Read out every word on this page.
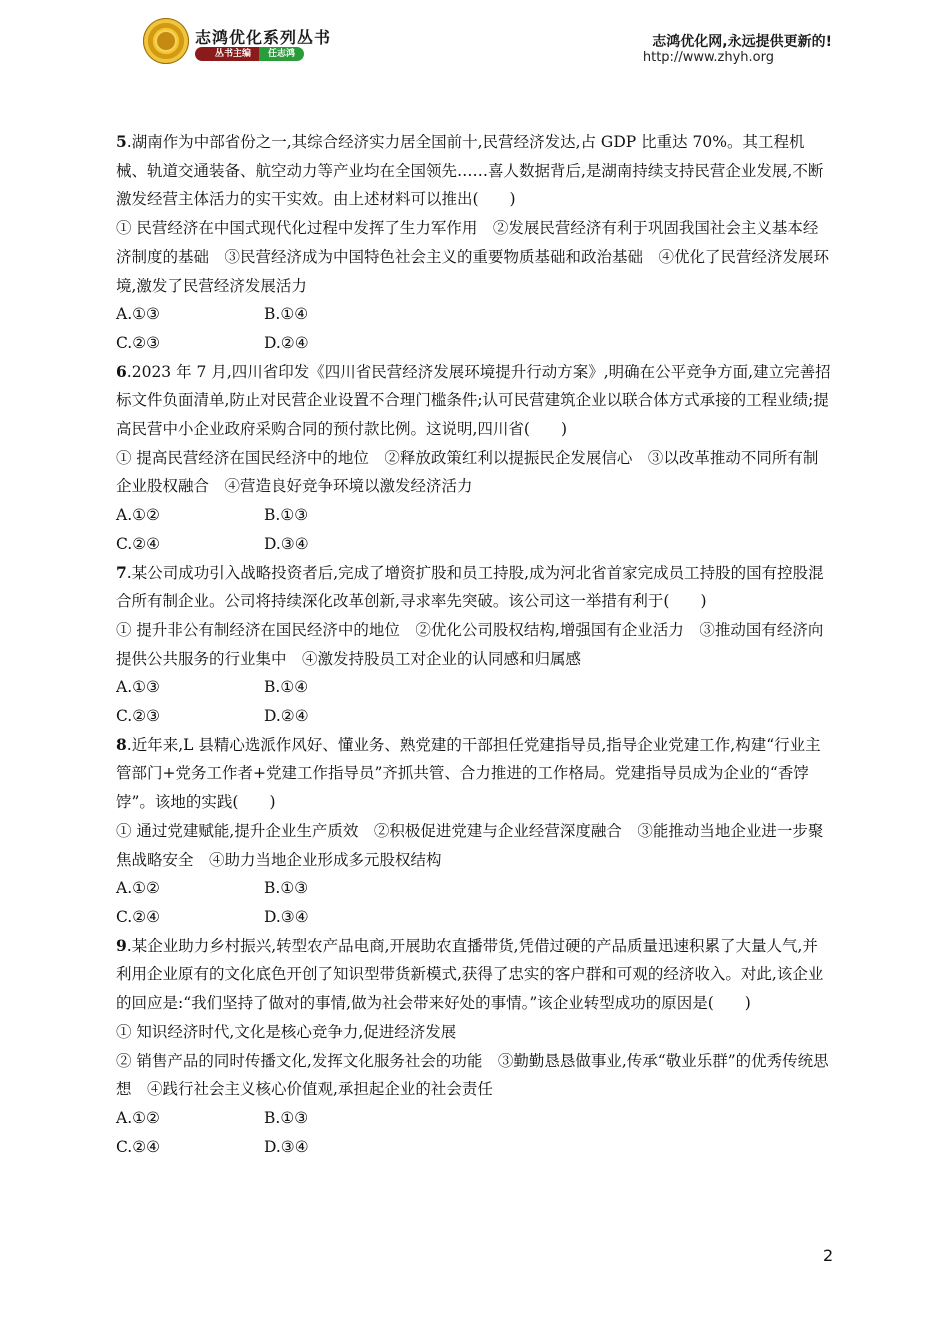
志鸿优化系列丛书
丛书主编	任志鸿
志鸿优化网,永远提供更新的!
http://www.zhyh.org

5.湖南作为中部省份之一,其综合经济实力居全国前十,民营经济发达,占 GDP 比重达 70%。其工程机械、轨道交通装备、航空动力等产业均在全国领先……喜人数据背后,是湖南持续支持民营企业发展,不断激发经营主体活力的实干实效。由上述材料可以推出(　　)

① 民营经济在中国式现代化过程中发挥了生力军作用　②发展民营经济有利于巩固我国社会主义基本经济制度的基础　③民营经济成为中国特色社会主义的重要物质基础和政治基础　④优化了民营经济发展环境,激发了民营经济发展活力

A.①③	B.①④
C.②③	D.②④

6.2023 年 7 月,四川省印发《四川省民营经济发展环境提升行动方案》,明确在公平竞争方面,建立完善招标文件负面清单,防止对民营企业设置不合理门槛条件;认可民营建筑企业以联合体方式承接的工程业绩;提高民营中小企业政府采购合同的预付款比例。这说明,四川省(　　)

① 提高民营经济在国民经济中的地位　②释放政策红利以提振民企发展信心　③以改革推动不同所有制企业股权融合　④营造良好竞争环境以激发经济活力

A.①②	B.①③
C.②④	D.③④

7.某公司成功引入战略投资者后,完成了增资扩股和员工持股,成为河北省首家完成员工持股的国有控股混合所有制企业。公司将持续深化改革创新,寻求率先突破。该公司这一举措有利于(　　)

① 提升非公有制经济在国民经济中的地位　②优化公司股权结构,增强国有企业活力　③推动国有经济向提供公共服务的行业集中　④激发持股员工对企业的认同感和归属感

A.①③	B.①④
C.②③	D.②④

8.近年来,L 县精心选派作风好、懂业务、熟党建的干部担任党建指导员,指导企业党建工作,构建“行业主管部门+党务工作者+党建工作指导员”齐抓共管、合力推进的工作格局。党建指导员成为企业的“香饽饽”。该地的实践(　　)

① 通过党建赋能,提升企业生产质效　②积极促进党建与企业经营深度融合　③能推动当地企业进一步聚焦战略安全　④助力当地企业形成多元股权结构

A.①②	B.①③
C.②④	D.③④

9.某企业助力乡村振兴,转型农产品电商,开展助农直播带货,凭借过硬的产品质量迅速积累了大量人气,并利用企业原有的文化底色开创了知识型带货新模式,获得了忠实的客户群和可观的经济收入。对此,该企业的回应是:“我们坚持了做对的事情,做为社会带来好处的事情。”该企业转型成功的原因是(　　)

① 知识经济时代,文化是核心竞争力,促进经济发展

② 销售产品的同时传播文化,发挥文化服务社会的功能　③勤勤恳恳做事业,传承“敬业乐群”的优秀传统思想　④践行社会主义核心价值观,承担起企业的社会责任

A.①②	B.①③
C.②④	D.③④
2
